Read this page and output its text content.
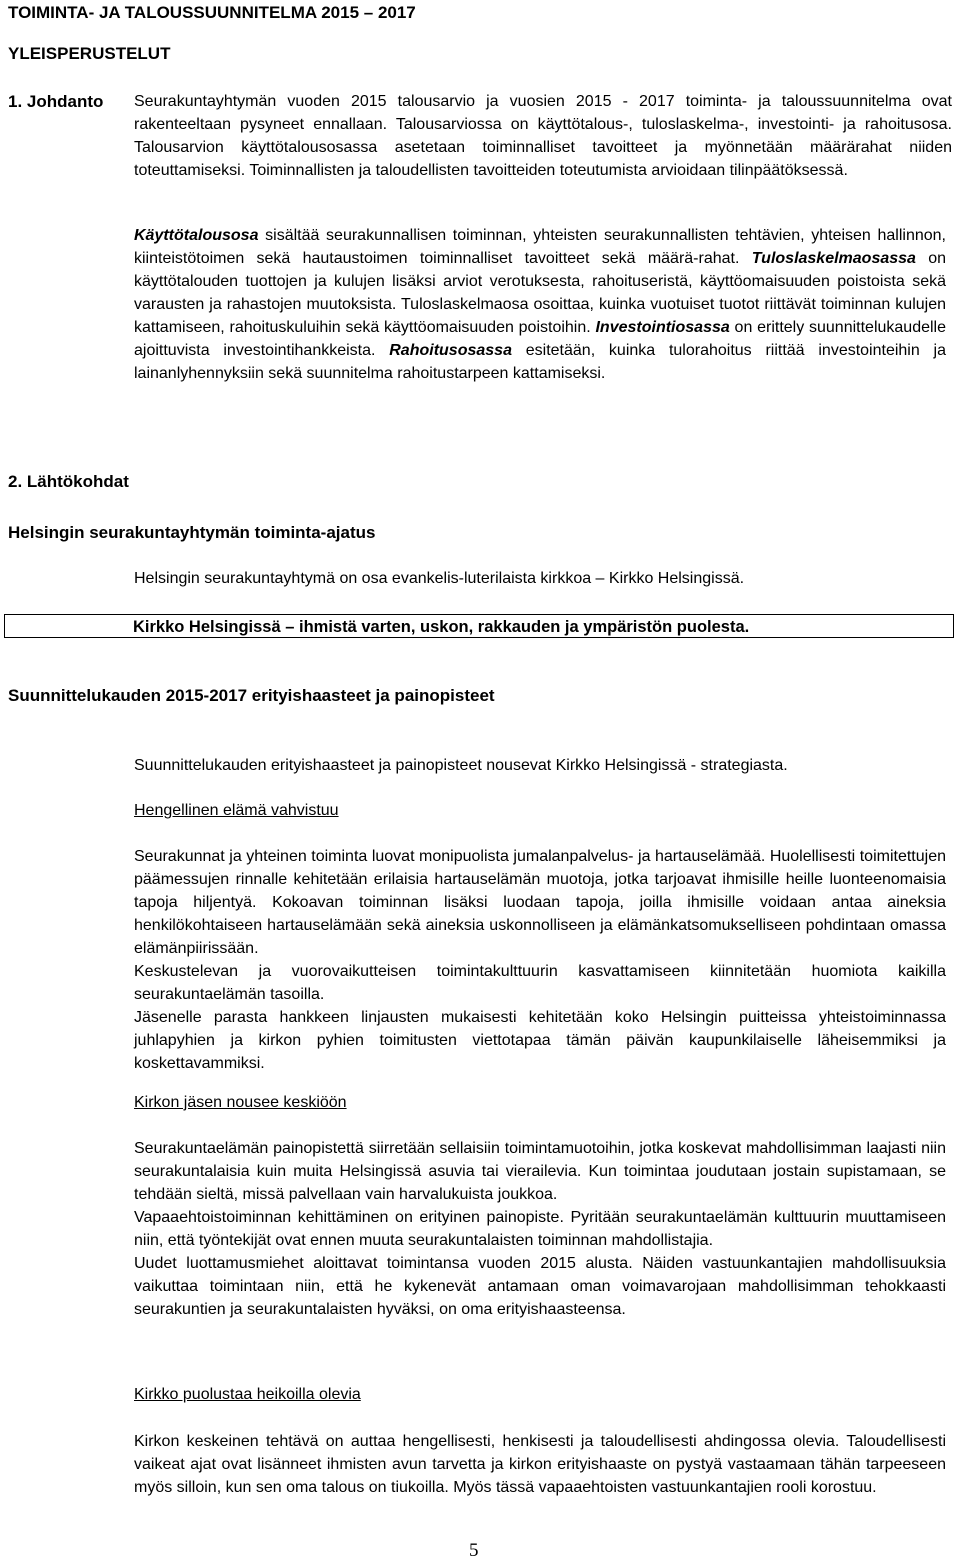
TOIMINTA- JA TALOUSSUUNNITELMA 2015 – 2017
YLEISPERUSTELUT
1. Johdanto	Seurakuntayhtymän vuoden 2015 talousarvio ja vuosien 2015 - 2017 toiminta- ja taloussuunnitelma ovat rakenteeltaan pysyneet ennallaan. Talousarviossa on käyttötalous-, tuloslaskelma-, investointi- ja rahoitusosa. Talousarvion käyttötalousosassa asetetaan toiminnalliset tavoitteet ja myönnetään määrärahat niiden toteuttamiseksi. Toiminnallisten ja taloudellisten tavoitteiden toteutumista arvioidaan tilinpäätöksessä.

Käyttötalousosa sisältää seurakunnallisen toiminnan, yhteisten seurakunnallisten tehtävien, yhteisen hallinnon, kiinteistötoimen sekä hautaustoimen toiminnalliset tavoitteet sekä määrä-rahat. Tuloslaskelmaosassa on käyttötalouden tuottojen ja kulujen lisäksi arviot verotuksesta, rahoituseristä, käyttöomaisuuden poistoista sekä varausten ja rahastojen muutoksista. Tuloslaskelmaosa osoittaa, kuinka vuotuiset tuotot riittävät toiminnan kulujen kattamiseen, rahoituskuluihin sekä käyttöomaisuuden poistoihin. Investointiosassa on erittely suunnittelukaudelle ajoittuvista investointihankkeista. Rahoitusosassa esitetään, kuinka tulorahoitus riittää investointeihin ja lainanlyhennyksiin sekä suunnitelma rahoitustarpeen kattamiseksi.

2. Lähtökohdat
Helsingin seurakuntayhtymän toiminta-ajatus

Helsingin seurakuntayhtymä on osa evankelis-luterilaista kirkkoa – Kirkko Helsingissä.

Kirkko Helsingissä – ihmistä varten, uskon, rakkauden ja ympäristön puolesta.
Suunnittelukauden 2015-2017 erityishaasteet ja painopisteet

Suunnittelukauden erityishaasteet ja painopisteet nousevat Kirkko Helsingissä - strategiasta.

Hengellinen elämä vahvistuu

Seurakunnat ja yhteinen toiminta luovat monipuolista jumalanpalvelus- ja hartauselämää. Huolellisesti toimitettujen päämessujen rinnalle kehitetään erilaisia hartauselämän muotoja, jotka tarjoavat ihmisille heille luonteenomaisia tapoja hiljentyä. Kokoavan toiminnan lisäksi luodaan tapoja, joilla ihmisille voidaan antaa aineksia henkilökohtaiseen hartauselämään sekä aineksia uskonnolliseen ja elämänkatsomukselliseen pohdintaan omassa elämänpiirissään.

Keskustelevan ja vuorovaikutteisen toimintakulttuurin kasvattamiseen kiinnitetään huomiota kaikilla seurakuntaelämän tasoilla.

Jäsenelle parasta hankkeen linjausten mukaisesti kehitetään koko Helsingin puitteissa yhteistoiminnassa juhlapyhien ja kirkon pyhien toimitusten viettotapaa tämän päivän kaupunkilaiselle läheisemmiksi ja koskettavammiksi.

Kirkon jäsen nousee keskiöön

Seurakuntaelämän painopistettä siirretään sellaisiin toimintamuotoihin, jotka koskevat mahdollisimman laajasti niin seurakuntalaisia kuin muita Helsingissä asuvia tai vierailevia. Kun toimintaa joudutaan jostain supistamaan, se tehdään sieltä, missä palvellaan vain harvalukuista joukkoa.

Vapaaehtoistoiminnan kehittäminen on erityinen painopiste. Pyritään seurakuntaelämän kulttuurin muuttamiseen niin, että työntekijät ovat ennen muuta seurakuntalaisten toiminnan mahdollistajia.

Uudet luottamusmiehet aloittavat toimintansa vuoden 2015 alusta. Näiden vastuunkantajien mahdollisuuksia vaikuttaa toimintaan niin, että he kykenevät antamaan oman voimavarojaan mahdollisimman tehokkaasti seurakuntien ja seurakuntalaisten hyväksi, on oma erityishaasteensa.

Kirkko puolustaa heikoilla olevia

Kirkon keskeinen tehtävä on auttaa hengellisesti, henkisesti ja taloudellisesti ahdingossa olevia. Taloudellisesti vaikeat ajat ovat lisänneet ihmisten avun tarvetta ja kirkon erityishaaste on pystyä vastaamaan tähän tarpeeseen myös silloin, kun sen oma talous on tiukoilla. Myös tässä vapaaehtoisten vastuunkantajien rooli korostuu.

5
